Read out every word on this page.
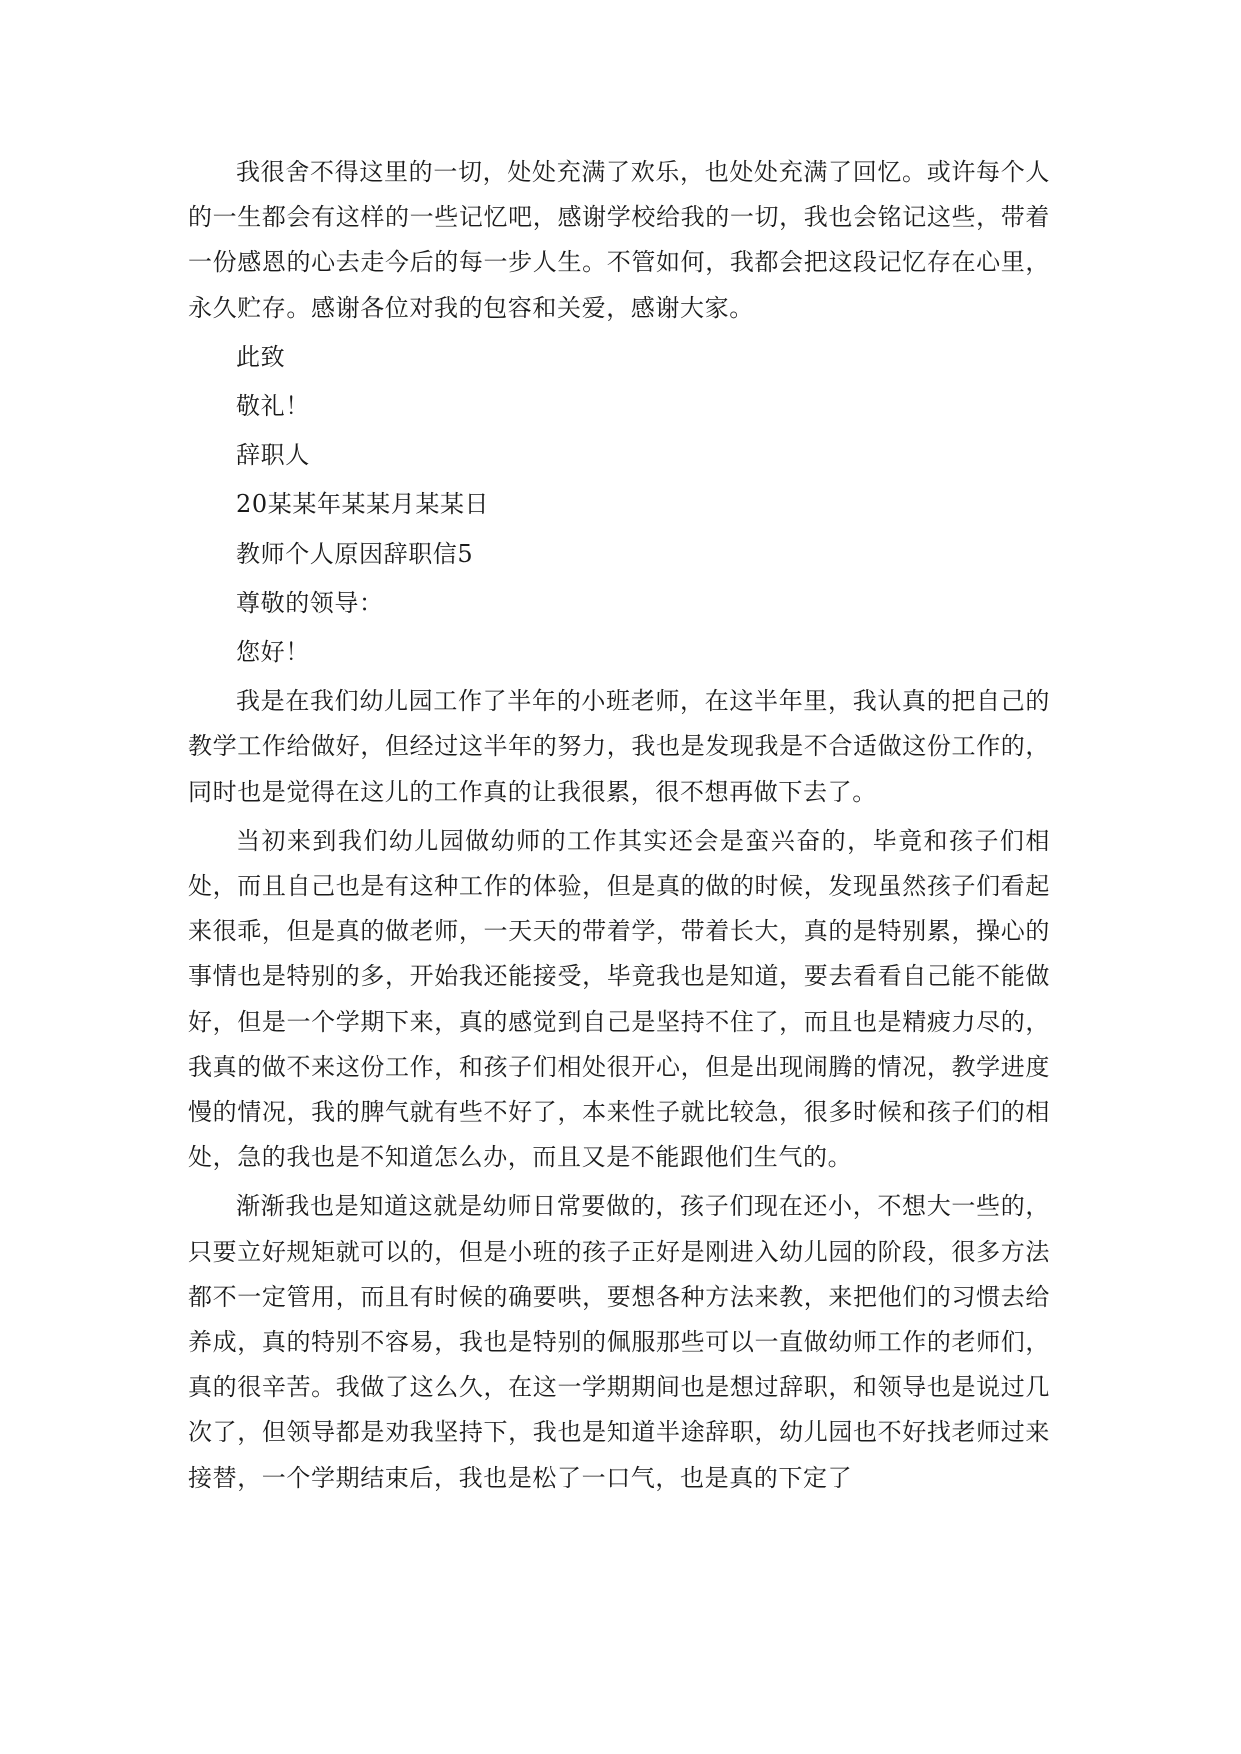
我很舍不得这里的一切，处处充满了欢乐，也处处充满了回忆。或许每个人的一生都会有这样的一些记忆吧，感谢学校给我的一切，我也会铭记这些，带着一份感恩的心去走今后的每一步人生。不管如何，我都会把这段记忆存在心里，永久贮存。感谢各位对我的包容和关爱，感谢大家。

此致

敬礼！

辞职人

20某某年某某月某某日

教师个人原因辞职信5

尊敬的领导：

您好！

我是在我们幼儿园工作了半年的小班老师，在这半年里，我认真的把自己的教学工作给做好，但经过这半年的努力，我也是发现我是不合适做这份工作的，同时也是觉得在这儿的工作真的让我很累，很不想再做下去了。

当初来到我们幼儿园做幼师的工作其实还会是蛮兴奋的，毕竟和孩子们相处，而且自己也是有这种工作的体验，但是真的做的时候，发现虽然孩子们看起来很乖，但是真的做老师，一天天的带着学，带着长大，真的是特别累，操心的事情也是特别的多，开始我还能接受，毕竟我也是知道，要去看看自己能不能做好，但是一个学期下来，真的感觉到自己是坚持不住了，而且也是精疲力尽的，我真的做不来这份工作，和孩子们相处很开心，但是出现闹腾的情况，教学进度慢的情况，我的脾气就有些不好了，本来性子就比较急，很多时候和孩子们的相处，急的我也是不知道怎么办，而且又是不能跟他们生气的。

渐渐我也是知道这就是幼师日常要做的，孩子们现在还小，不想大一些的，只要立好规矩就可以的，但是小班的孩子正好是刚进入幼儿园的阶段，很多方法都不一定管用，而且有时候的确要哄，要想各种方法来教，来把他们的习惯去给养成，真的特别不容易，我也是特别的佩服那些可以一直做幼师工作的老师们，真的很辛苦。我做了这么久，在这一学期期间也是想过辞职，和领导也是说过几次了，但领导都是劝我坚持下，我也是知道半途辞职，幼儿园也不好找老师过来接替，一个学期结束后，我也是松了一口气，也是真的下定了
